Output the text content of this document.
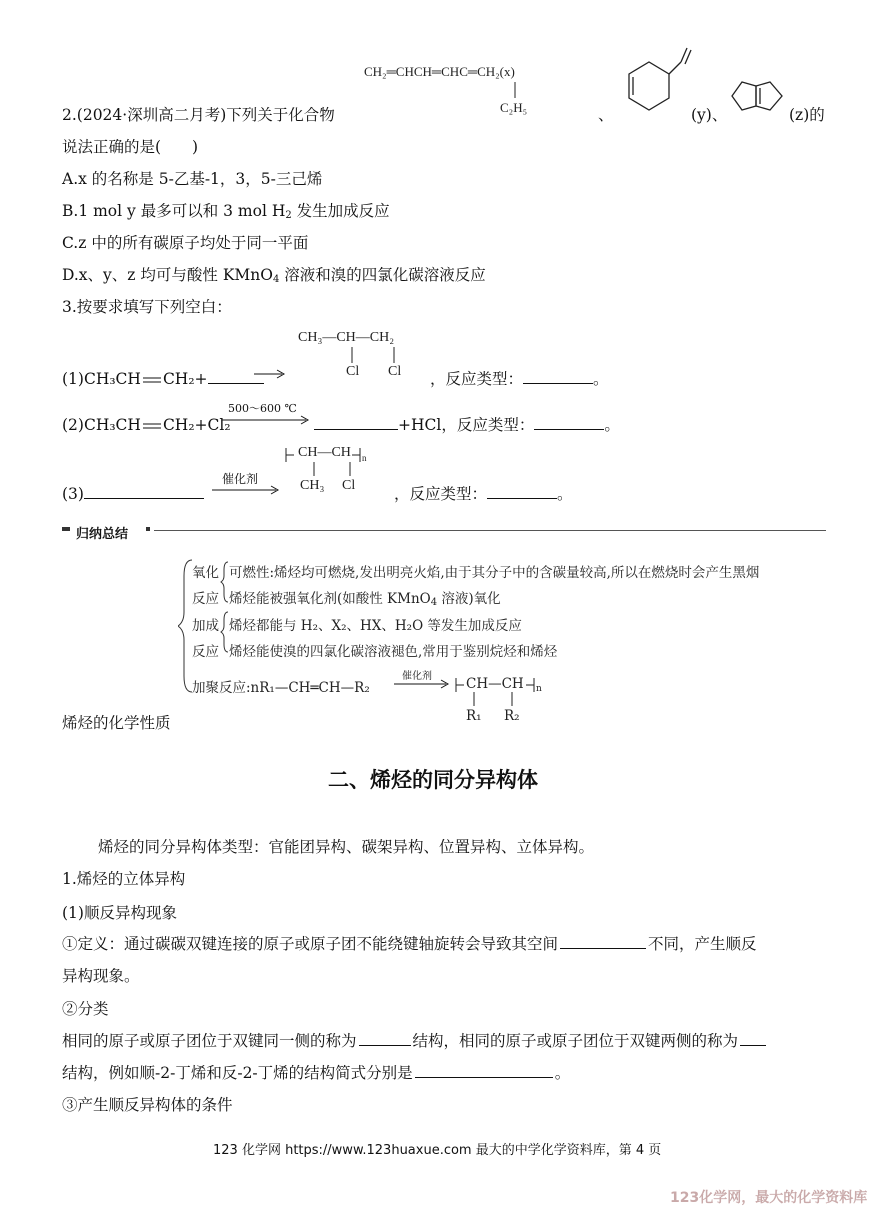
CH₂═CHCH═CHC═CH₂(x)
C₂H₅
2.(2024·深圳高二月考)下列关于化合物	、	(y)、	(z)的
说法正确的是(　　)
A.x 的名称是 5-乙基-1，3，5-三己烯
B.1 mol y 最多可以和 3 mol $H_2$ 发生加成反应
C.z 中的所有碳原子均处于同一平面
D.x、y、z 均可与酸性 KMnO$_4$ 溶液和溴的四氯化碳溶液反应
3.按要求填写下列空白：
CH₃—CH—CH₂
Cl Cl
(1)CH₃CH CH₂+	，反应类型：	。
500～600 ℃
(2)CH₃CH CH₂+Cl₂	+HCl，反应类型：	。
CH—CH n
CH₃ Cl
催化剂
(3)	，反应类型：	。
归纳总结
氧化
反应
可燃性:烯烃均可燃烧,发出明亮火焰,由于其分子中的含碳量较高,所以在燃烧时会产生黑烟
烯烃能被强氧化剂(如酸性 KMnO$_4$ 溶液)氧化
加成
反应
烯烃都能与 H₂、X₂、HX、H₂O 等发生加成反应
烯烃能使溴的四氯化碳溶液褪色,常用于鉴别烷烃和烯烃
加聚反应:nR₁—CH═CH—R₂
催化剂	CH—CH n
R₁ R₂
烯烃的化学性质
二、烯烃的同分异构体
烯烃的同分异构体类型：官能团异构、碳架异构、位置异构、立体异构。
1.烯烃的立体异构
(1)顺反异构现象
①定义：通过碳碳双键连接的原子或原子团不能绕键轴旋转会导致其空间	不同，产生顺反
异构现象。
②分类
相同的原子或原子团位于双键同一侧的称为	结构，相同的原子或原子团位于双键两侧的称为
结构，例如顺-2-丁烯和反-2-丁烯的结构简式分别是	。
③产生顺反异构体的条件
123 化学网 https://www.123huaxue.com 最大的中学化学资料库，第 4 页
123化学网，最大的化学资料库
